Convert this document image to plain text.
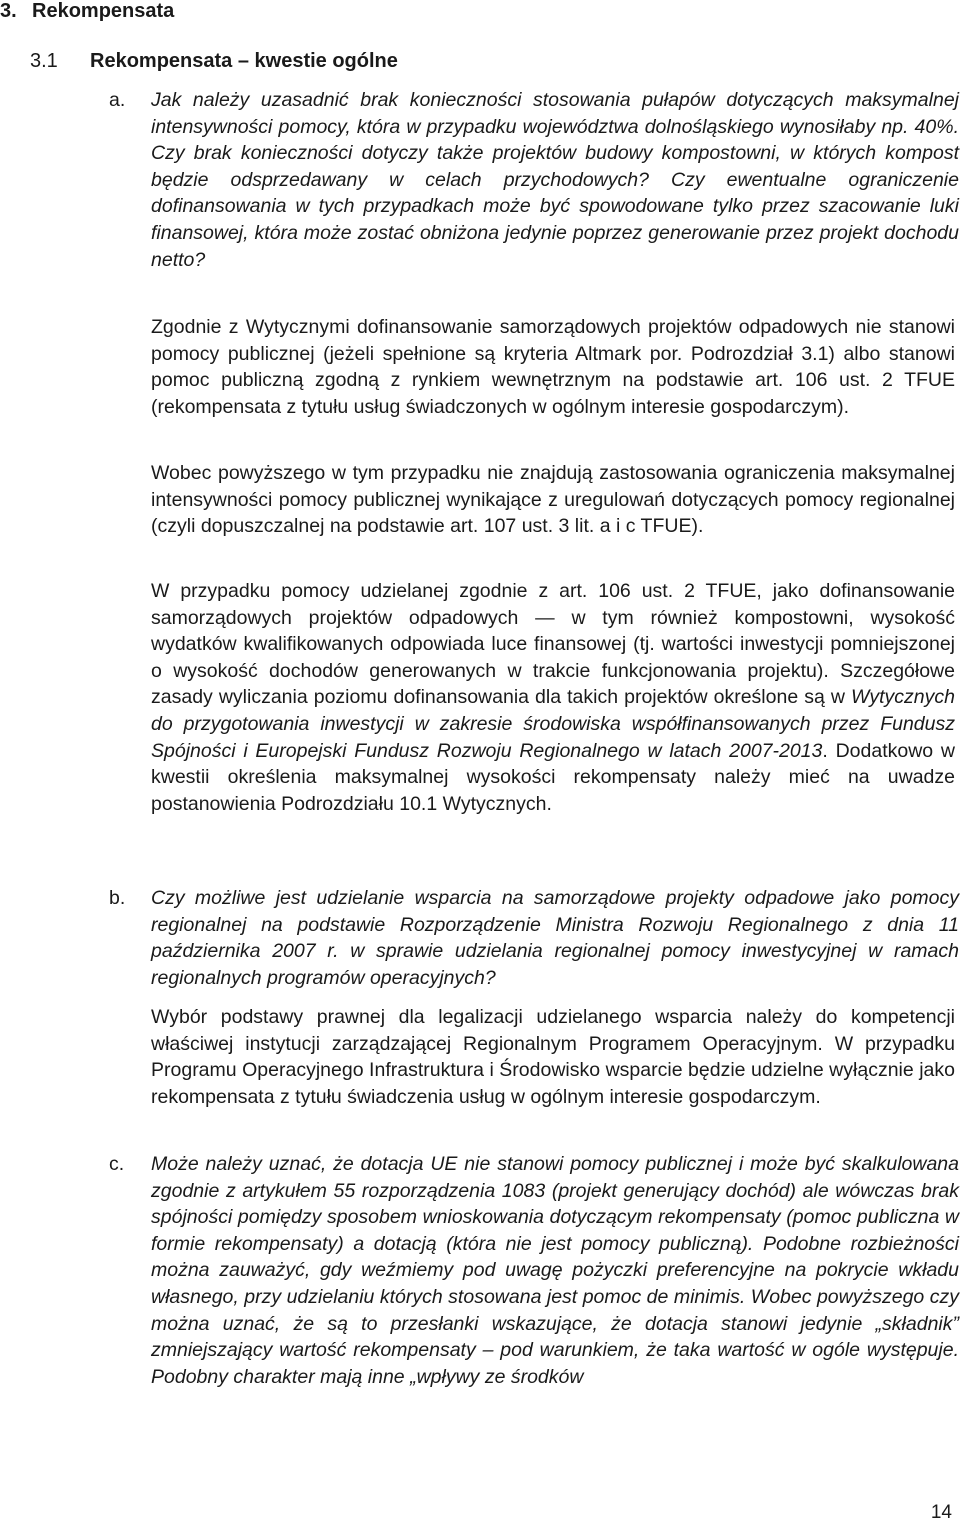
3. Rekompensata
3.1 Rekompensata – kwestie ogólne
a.	Jak należy uzasadnić brak konieczności stosowania pułapów dotyczących maksymalnej intensywności pomocy, która w przypadku województwa dolnośląskiego wynosiłaby np. 40%. Czy brak konieczności dotyczy także projektów budowy kompostowni, w których kompost będzie odsprzedawany w celach przychodowych? Czy ewentualne ograniczenie dofinansowania w tych przypadkach może być spowodowane tylko przez szacowanie luki finansowej, która może zostać obniżona jedynie poprzez generowanie przez projekt dochodu netto?

Zgodnie z Wytycznymi dofinansowanie samorządowych projektów odpadowych nie stanowi pomocy publicznej (jeżeli spełnione są kryteria Altmark por. Podrozdział 3.1) albo stanowi pomoc publiczną zgodną z rynkiem wewnętrznym na podstawie art. 106 ust. 2 TFUE (rekompensata z tytułu usług świadczonych w ogólnym interesie gospodarczym).

Wobec powyższego w tym przypadku nie znajdują zastosowania ograniczenia maksymalnej intensywności pomocy publicznej wynikające z uregulowań dotyczących pomocy regionalnej (czyli dopuszczalnej na podstawie art. 107 ust. 3 lit. a i c TFUE).

W przypadku pomocy udzielanej zgodnie z art. 106 ust. 2 TFUE, jako dofinansowanie samorządowych projektów odpadowych — w tym również kompostowni, wysokość wydatków kwalifikowanych odpowiada luce finansowej (tj. wartości inwestycji pomniejszonej o wysokość dochodów generowanych w trakcie funkcjonowania projektu). Szczegółowe zasady wyliczania poziomu dofinansowania dla takich projektów określone są w Wytycznych do przygotowania inwestycji w zakresie środowiska współfinansowanych przez Fundusz Spójności i Europejski Fundusz Rozwoju Regionalnego w latach 2007-2013. Dodatkowo w kwestii określenia maksymalnej wysokości rekompensaty należy mieć na uwadze postanowienia Podrozdziału 10.1 Wytycznych.

b.	Czy możliwe jest udzielanie wsparcia na samorządowe projekty odpadowe jako pomocy regionalnej na podstawie Rozporządzenie Ministra Rozwoju Regionalnego z dnia 11 października 2007 r. w sprawie udzielania regionalnej pomocy inwestycyjnej w ramach regionalnych programów operacyjnych?

Wybór podstawy prawnej dla legalizacji udzielanego wsparcia należy do kompetencji właściwej instytucji zarządzającej Regionalnym Programem Operacyjnym. W przypadku Programu Operacyjnego Infrastruktura i Środowisko wsparcie będzie udzielne wyłącznie jako rekompensata z tytułu świadczenia usług w ogólnym interesie gospodarczym.

c.	Może należy uznać, że dotacja UE nie stanowi pomocy publicznej i może być skalkulowana zgodnie z artykułem 55 rozporządzenia 1083 (projekt generujący dochód) ale wówczas brak spójności pomiędzy sposobem wnioskowania dotyczącym rekompensaty (pomoc publiczna w formie rekompensaty) a dotacją (która nie jest pomocy publiczną). Podobne rozbieżności można zauważyć, gdy weźmiemy pod uwagę pożyczki preferencyjne na pokrycie wkładu własnego, przy udzielaniu których stosowana jest pomoc de minimis. Wobec powyższego czy można uznać, że są to przesłanki wskazujące, że dotacja stanowi jedynie „składnik” zmniejszający wartość rekompensaty – pod warunkiem, że taka wartość w ogóle występuje. Podobny charakter mają inne „wpływy ze środków

14
